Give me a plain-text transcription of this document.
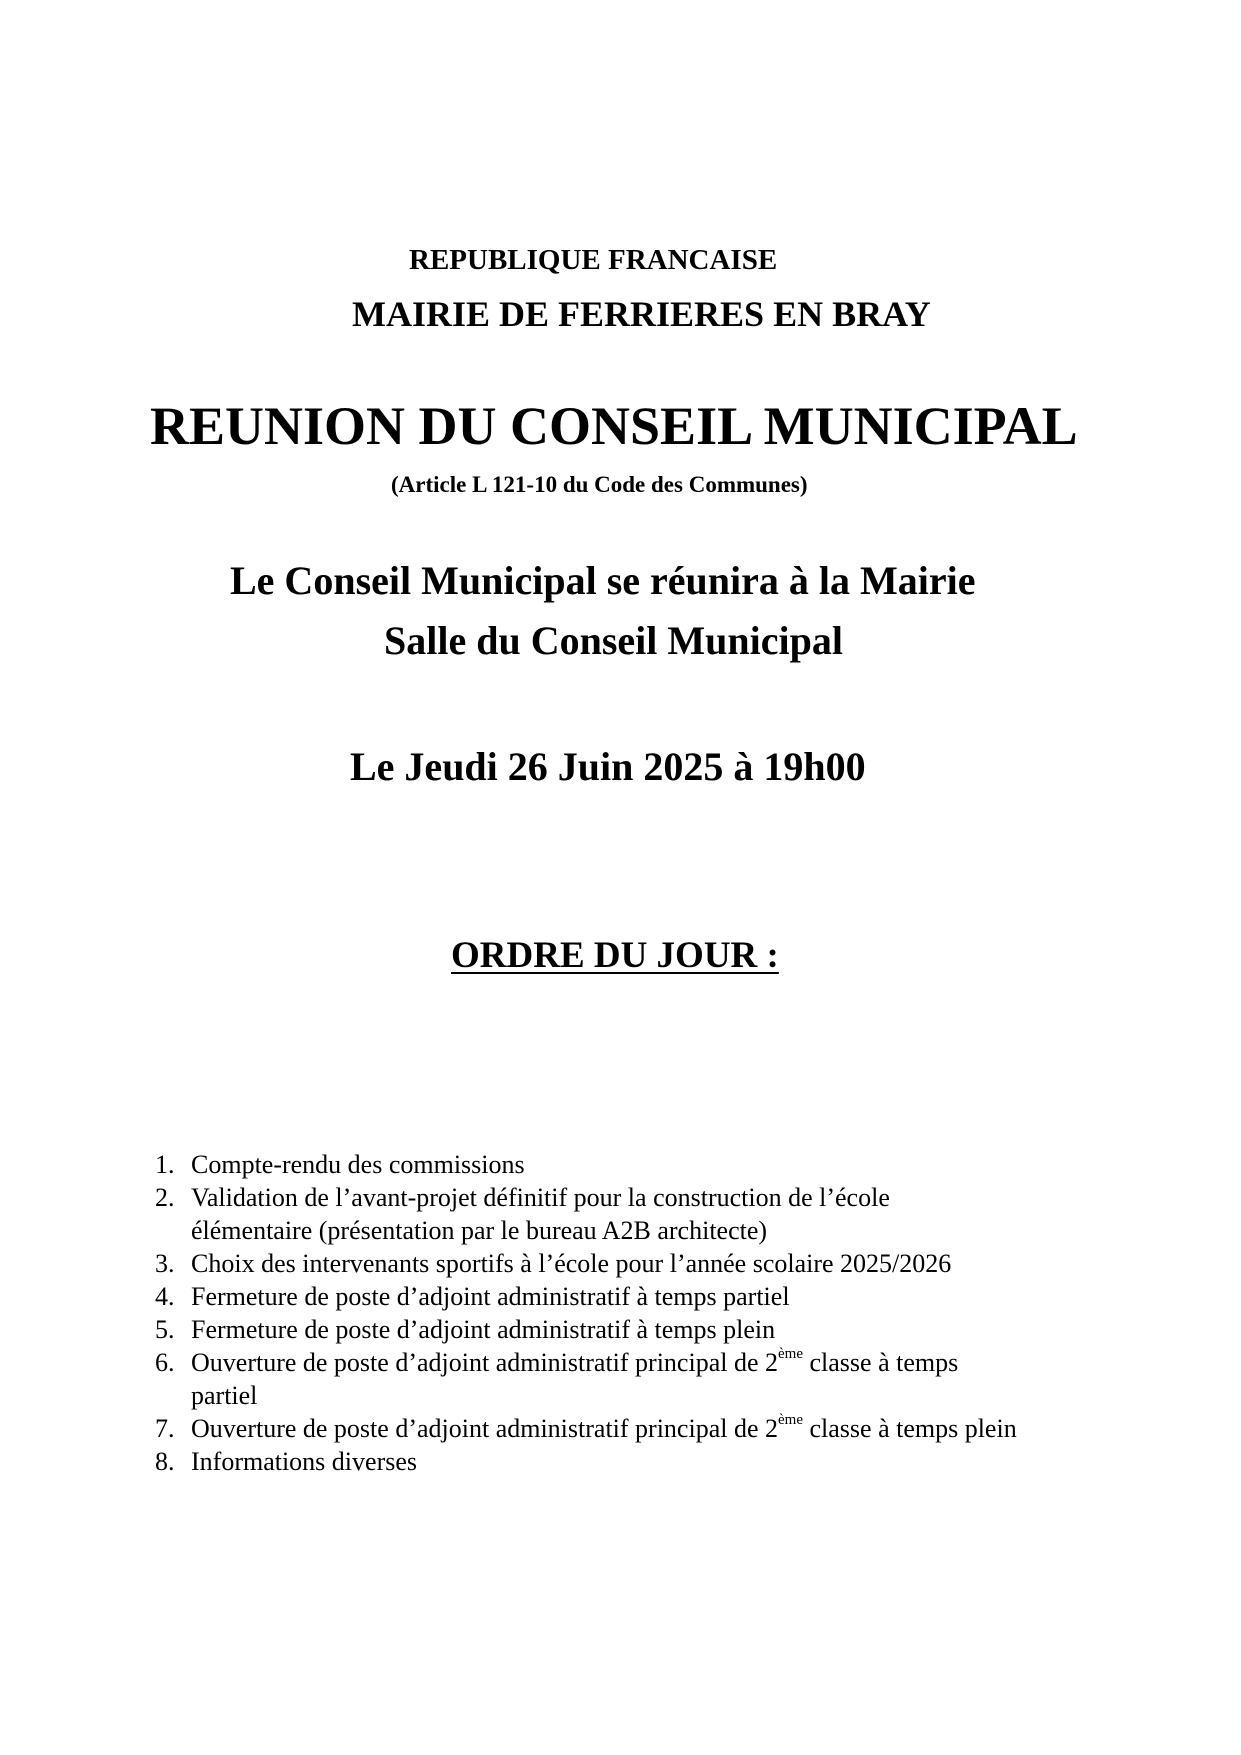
REPUBLIQUE FRANCAISE

MAIRIE DE FERRIERES EN BRAY

REUNION DU CONSEIL MUNICIPAL

(Article L 121-10 du Code des Communes)

Le Conseil Municipal se réunira à la Mairie

Salle du Conseil Municipal

Le Jeudi 26 Juin 2025 à 19h00

ORDRE DU JOUR :
1. Compte-rendu des commissions
2. Validation de l’avant-projet définitif pour la construction de l’école
élémentaire (présentation par le bureau A2B architecte)
3. Choix des intervenants sportifs à l’école pour l’année scolaire 2025/2026
4. Fermeture de poste d’adjoint administratif à temps partiel
5. Fermeture de poste d’adjoint administratif à temps plein
6. Ouverture de poste d’adjoint administratif principal de 2ème classe à temps
partiel
7. Ouverture de poste d’adjoint administratif principal de 2ème classe à temps plein
8. Informations diverses
